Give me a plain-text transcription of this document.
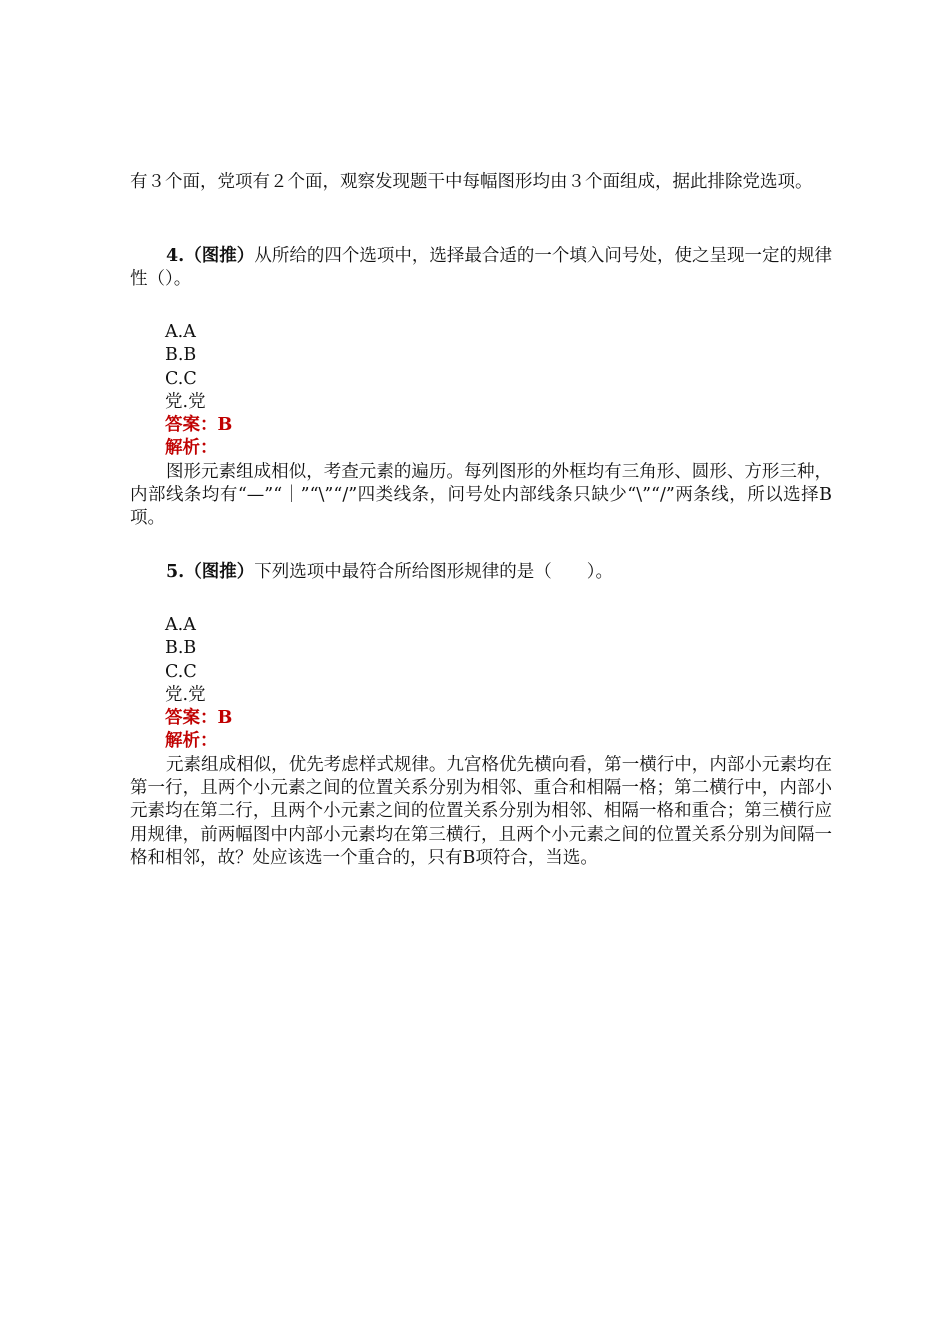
有３个面，党项有２个面，观察发现题干中每幅图形均由３个面组成，据此排除党选项。

4.（图推）从所给的四个选项中，选择最合适的一个填入问号处，使之呈现一定的规律性（）。

A.A
B.B
C.C
党.党
答案：B
解析：

图形元素组成相似，考查元素的遍历。每列图形的外框均有三角形、圆形、方形三种，内部线条均有“—”“｜”“\”“/”四类线条，问号处内部线条只缺少“\”“/”两条线，所以选择B项。

5.（图推）下列选项中最符合所给图形规律的是（　　）。

A.A
B.B
C.C
党.党
答案：B
解析：

元素组成相似，优先考虑样式规律。九宫格优先横向看，第一横行中，内部小元素均在第一行，且两个小元素之间的位置关系分别为相邻、重合和相隔一格；第二横行中，内部小元素均在第二行，且两个小元素之间的位置关系分别为相邻、相隔一格和重合；第三横行应用规律，前两幅图中内部小元素均在第三横行，且两个小元素之间的位置关系分别为间隔一格和相邻，故？处应该选一个重合的，只有B项符合，当选。
